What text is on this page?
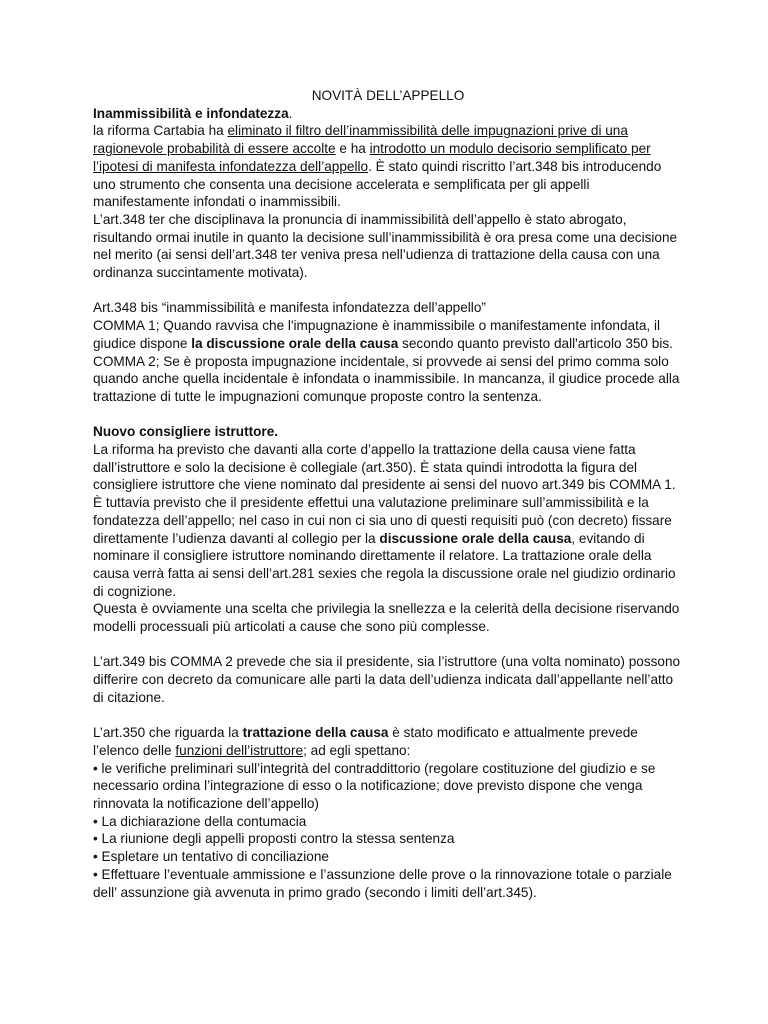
NOVITÀ DELL’APPELLO

Inammissibilità e infondatezza.

la riforma Cartabia ha eliminato il filtro dell’inammissibilità delle impugnazioni prive di una ragionevole probabilità di essere accolte e ha introdotto un modulo decisorio semplificato per l’ipotesi di manifesta infondatezza dell’appello. È stato quindi riscritto l’art.348 bis introducendo uno strumento che consenta una decisione accelerata e semplificata per gli appelli manifestamente infondati o inammissibili.

L’art.348 ter che disciplinava la pronuncia di inammissibilità dell’appello è stato abrogato, risultando ormai inutile in quanto la decisione sull’inammissibilità è ora presa come una decisione nel merito (ai sensi dell’art.348 ter veniva presa nell’udienza di trattazione della causa con una ordinanza succintamente motivata).

Art.348 bis “inammissibilità e manifesta infondatezza dell’appello”

COMMA 1; Quando ravvisa che l'impugnazione è inammissibile o manifestamente infondata, il giudice dispone la discussione orale della causa secondo quanto previsto dall'articolo 350 bis.

COMMA 2; Se è proposta impugnazione incidentale, si provvede ai sensi del primo comma solo quando anche quella incidentale è infondata o inammissibile. In mancanza, il giudice procede alla trattazione di tutte le impugnazioni comunque proposte contro la sentenza.

Nuovo consigliere istruttore.

La riforma ha previsto che davanti alla corte d’appello la trattazione della causa viene fatta dall’istruttore e solo la decisione è collegiale (art.350). È stata quindi introdotta la figura del consigliere istruttore che viene nominato dal presidente ai sensi del nuovo art.349 bis COMMA 1.

È tuttavia previsto che il presidente effettui una valutazione preliminare sull’ammissibilità e la fondatezza dell’appello; nel caso in cui non ci sia uno di questi requisiti può (con decreto) fissare direttamente l’udienza davanti al collegio per la discussione orale della causa, evitando di nominare il consigliere istruttore nominando direttamente il relatore. La trattazione orale della causa verrà fatta ai sensi dell’art.281 sexies che regola la discussione orale nel giudizio ordinario di cognizione.

Questa è ovviamente una scelta che privilegia la snellezza e la celerità della decisione riservando modelli processuali più articolati a cause che sono più complesse.

L’art.349 bis COMMA 2 prevede che sia il presidente, sia l’istruttore (una volta nominato) possono differire con decreto da comunicare alle parti la data dell’udienza indicata dall’appellante nell’atto di citazione.

L’art.350 che riguarda la trattazione della causa è stato modificato e attualmente prevede l’elenco delle funzioni dell’istruttore; ad egli spettano:

• le verifiche preliminari sull’integrità del contraddittorio (regolare costituzione del giudizio e se necessario ordina l’integrazione di esso o la notificazione; dove previsto dispone che venga rinnovata la notificazione dell’appello)

• La dichiarazione della contumacia

• La riunione degli appelli proposti contro la stessa sentenza

• Espletare un tentativo di conciliazione

• Effettuare l’eventuale ammissione e l’assunzione delle prove o la rinnovazione totale o parziale dell’ assunzione già avvenuta in primo grado (secondo i limiti dell’art.345).
